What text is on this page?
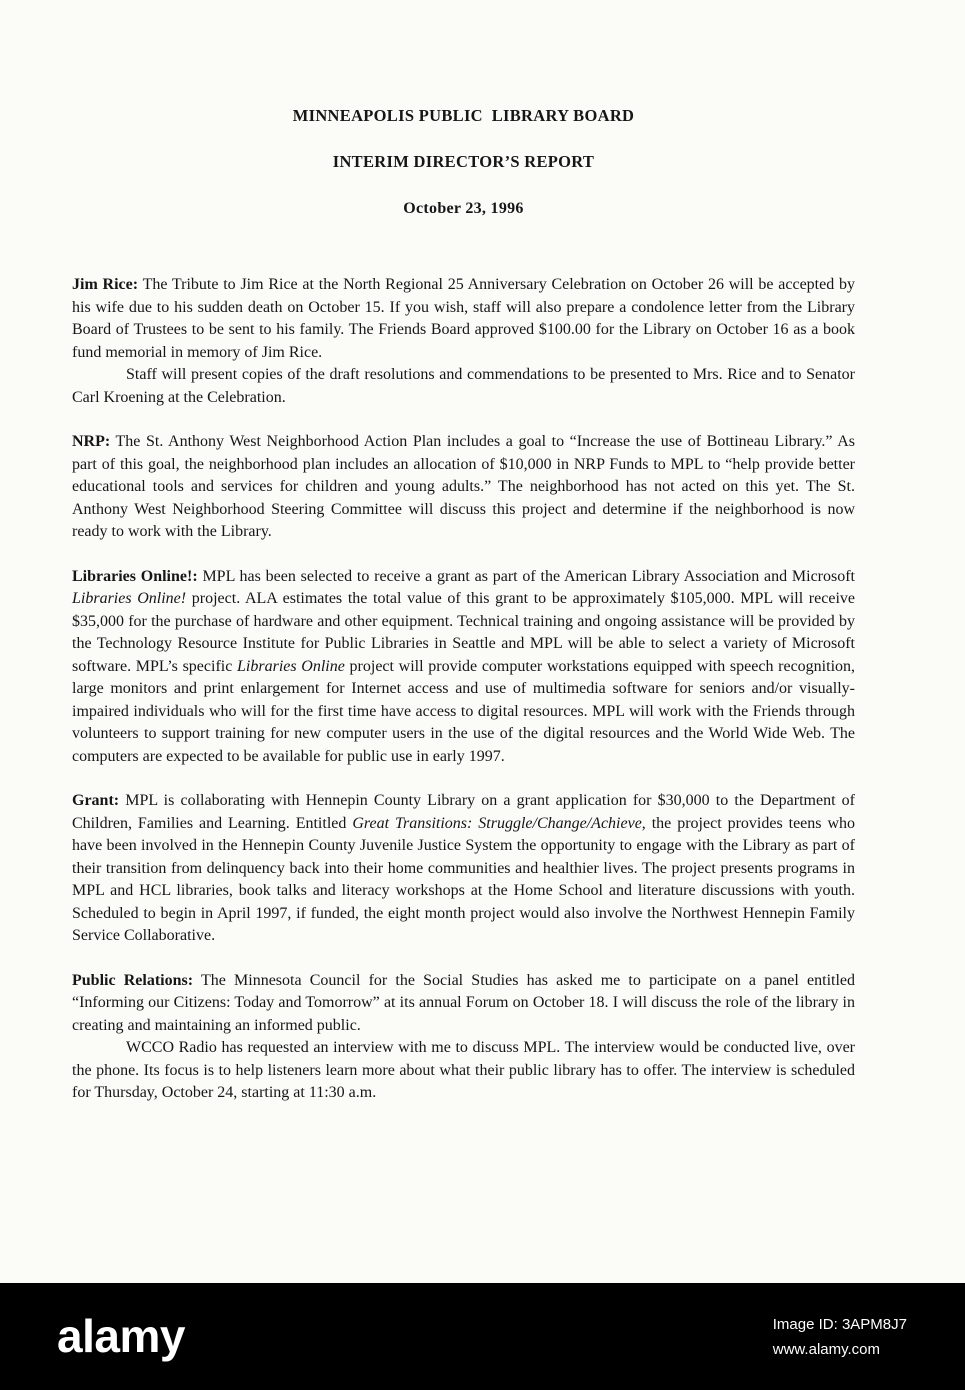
MINNEAPOLIS PUBLIC  LIBRARY BOARD
INTERIM DIRECTOR’S REPORT
October 23, 1996

Jim Rice: The Tribute to Jim Rice at the North Regional 25 Anniversary Celebration on October 26 will be accepted by his wife due to his sudden death on October 15. If you wish, staff will also prepare a condolence letter from the Library Board of Trustees to be sent to his family. The Friends Board approved $100.00 for the Library on October 16 as a book fund memorial in memory of Jim Rice.

Staff will present copies of the draft resolutions and commendations to be presented to Mrs. Rice and to Senator Carl Kroening at the Celebration.

NRP: The St. Anthony West Neighborhood Action Plan includes a goal to “Increase the use of Bottineau Library.” As part of this goal, the neighborhood plan includes an allocation of $10,000 in NRP Funds to MPL to “help provide better educational tools and services for children and young adults.” The neighborhood has not acted on this yet. The St. Anthony West Neighborhood Steering Committee will discuss this project and determine if the neighborhood is now ready to work with the Library.

Libraries Online!: MPL has been selected to receive a grant as part of the American Library Association and Microsoft Libraries Online! project. ALA estimates the total value of this grant to be approximately $105,000. MPL will receive $35,000 for the purchase of hardware and other equipment. Technical training and ongoing assistance will be provided by the Technology Resource Institute for Public Libraries in Seattle and MPL will be able to select a variety of Microsoft software. MPL’s specific Libraries Online project will provide computer workstations equipped with speech recognition, large monitors and print enlargement for Internet access and use of multimedia software for seniors and/or visually-impaired individuals who will for the first time have access to digital resources. MPL will work with the Friends through volunteers to support training for new computer users in the use of the digital resources and the World Wide Web. The computers are expected to be available for public use in early 1997.

Grant: MPL is collaborating with Hennepin County Library on a grant application for $30,000 to the Department of Children, Families and Learning. Entitled Great Transitions: Struggle/Change/Achieve, the project provides teens who have been involved in the Hennepin County Juvenile Justice System the opportunity to engage with the Library as part of their transition from delinquency back into their home communities and healthier lives. The project presents programs in MPL and HCL libraries, book talks and literacy workshops at the Home School and literature discussions with youth. Scheduled to begin in April 1997, if funded, the eight month project would also involve the Northwest Hennepin Family Service Collaborative.

Public Relations: The Minnesota Council for the Social Studies has asked me to participate on a panel entitled “Informing our Citizens: Today and Tomorrow” at its annual Forum on October 18. I will discuss the role of the library in creating and maintaining an informed public.

WCCO Radio has requested an interview with me to discuss MPL. The interview would be conducted live, over the phone. Its focus is to help listeners learn more about what their public library has to offer. The interview is scheduled for Thursday, October 24, starting at 11:30 a.m.

alamy	Image ID: 3APM8J7
www.alamy.com
